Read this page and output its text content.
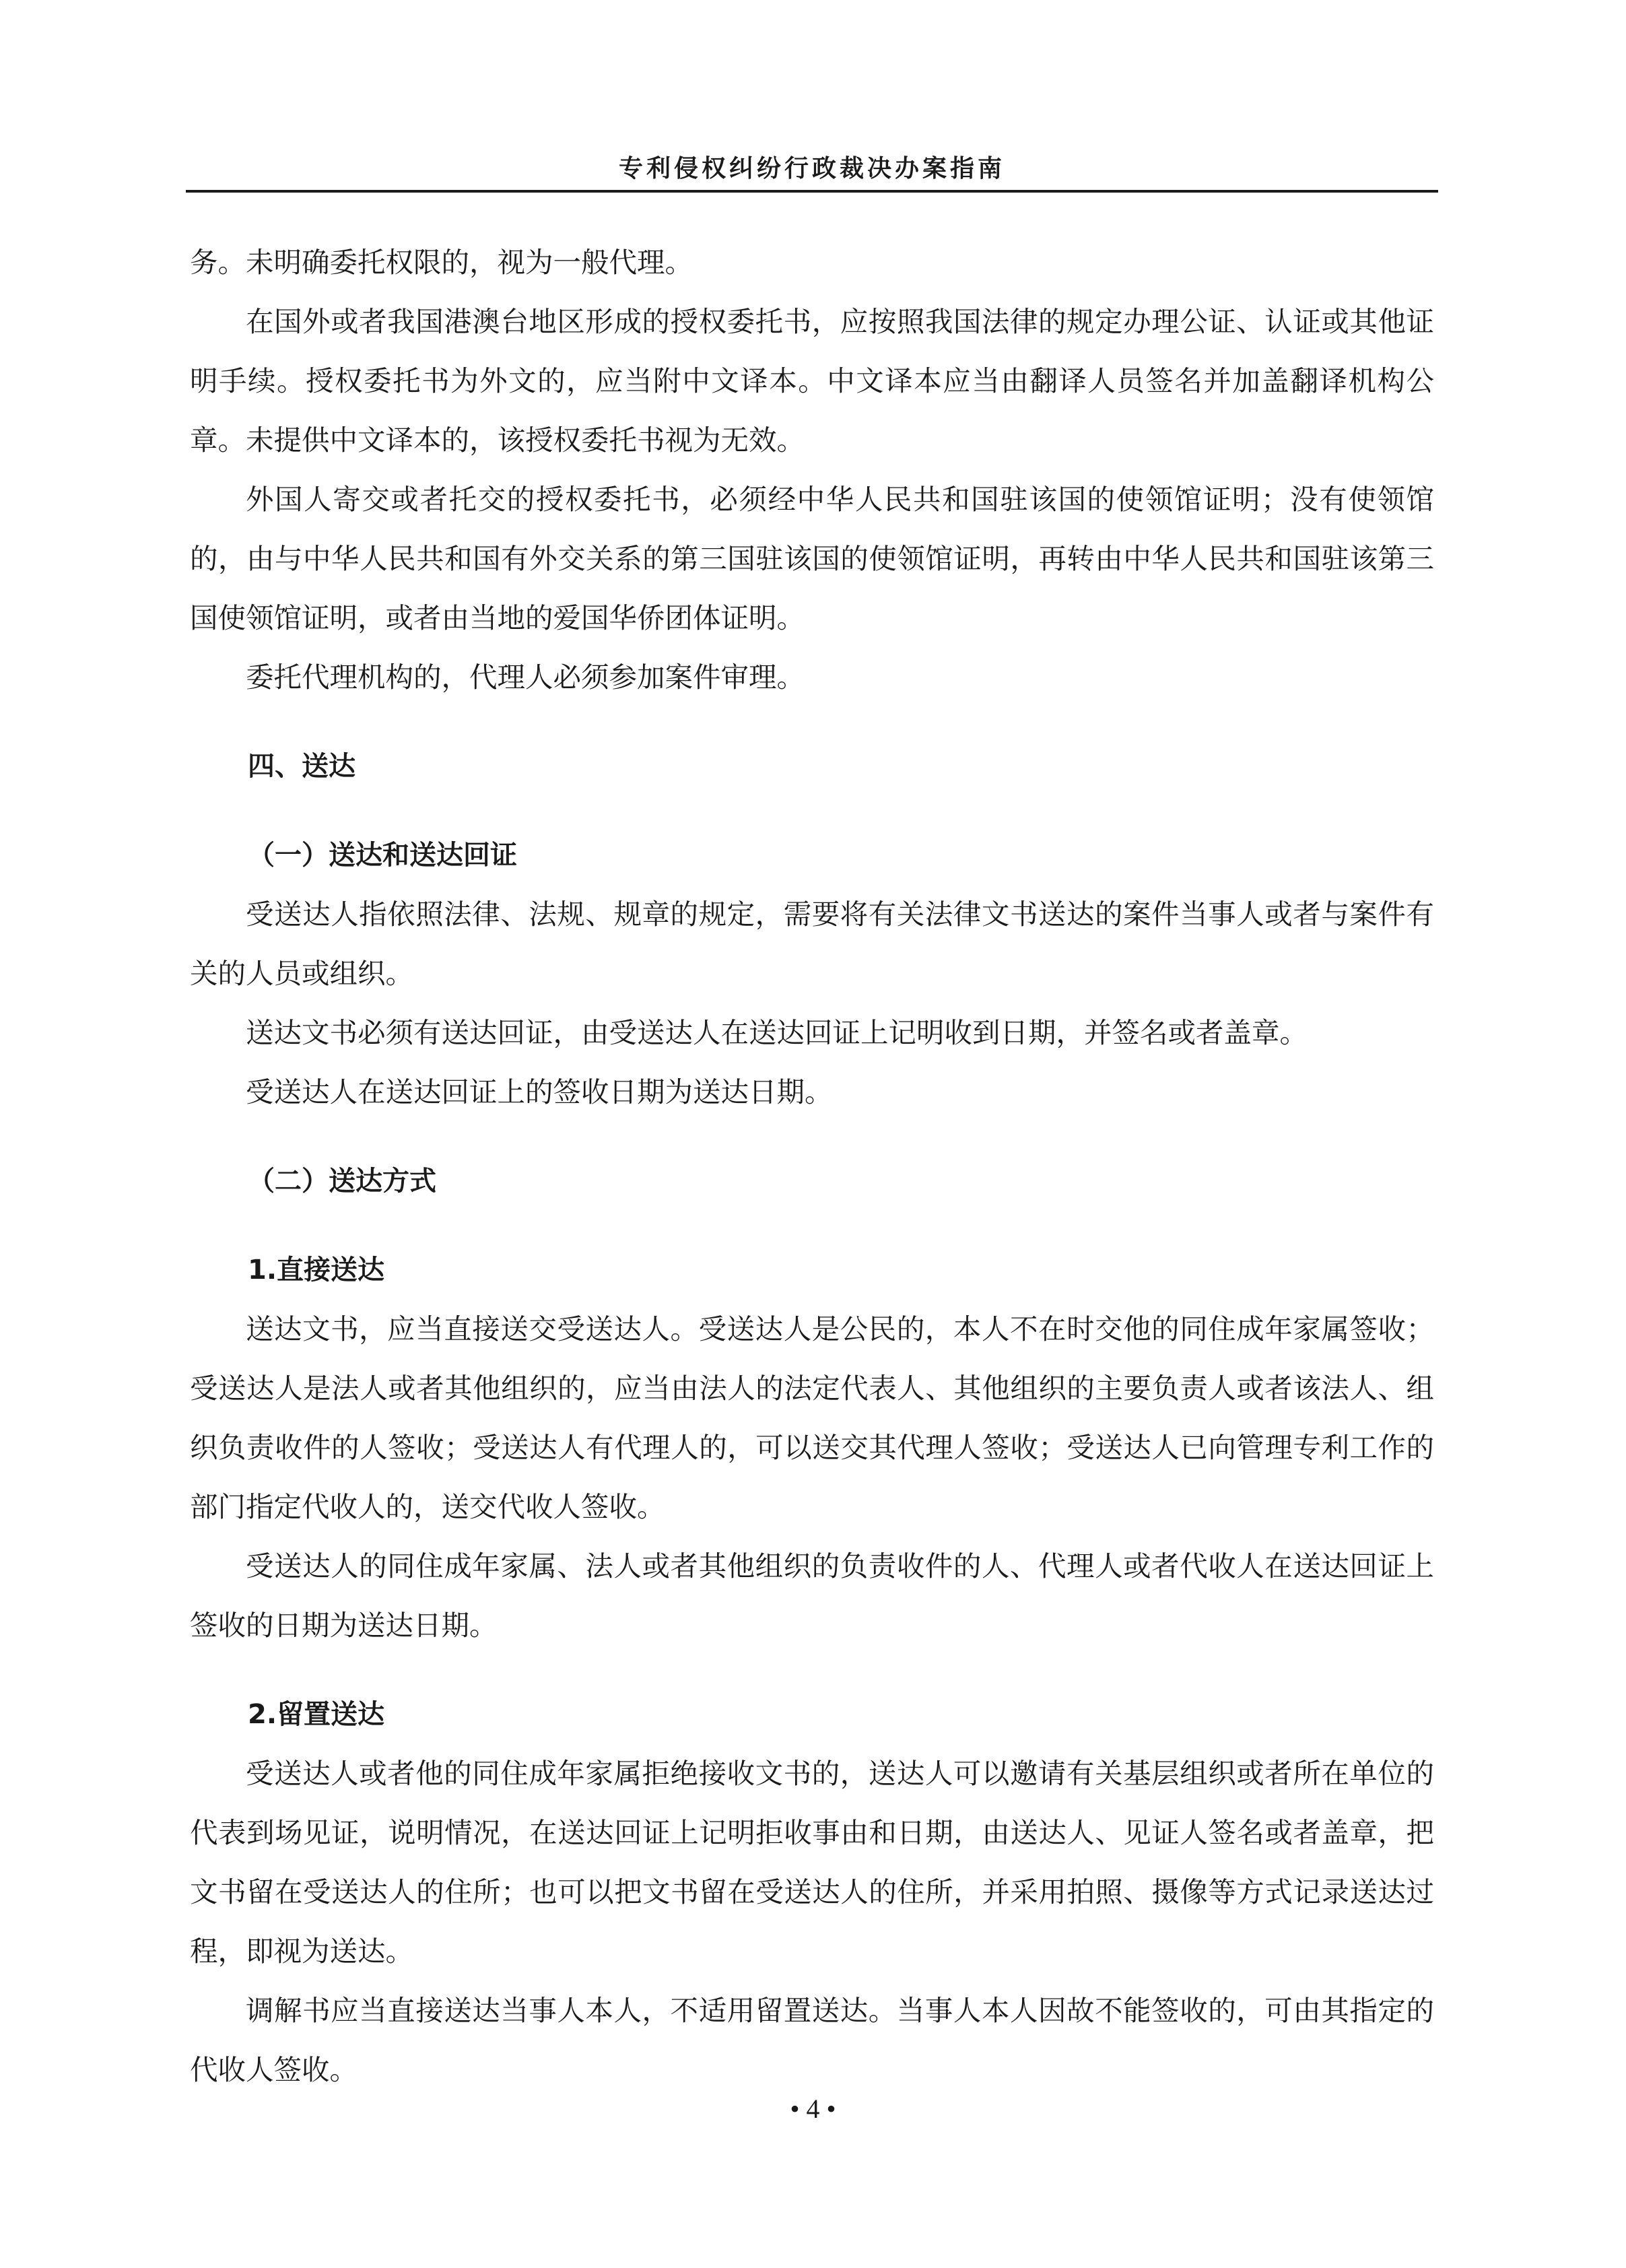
专利侵权纠纷行政裁决办案指南

务。未明确委托权限的，视为一般代理。

在国外或者我国港澳台地区形成的授权委托书，应按照我国法律的规定办理公证、认证或其他证明手续。授权委托书为外文的，应当附中文译本。中文译本应当由翻译人员签名并加盖翻译机构公章。未提供中文译本的，该授权委托书视为无效。

外国人寄交或者托交的授权委托书，必须经中华人民共和国驻该国的使领馆证明；没有使领馆的，由与中华人民共和国有外交关系的第三国驻该国的使领馆证明，再转由中华人民共和国驻该第三国使领馆证明，或者由当地的爱国华侨团体证明。

委托代理机构的，代理人必须参加案件审理。

四、送达
（一）送达和送达回证

受送达人指依照法律、法规、规章的规定，需要将有关法律文书送达的案件当事人或者与案件有关的人员或组织。

送达文书必须有送达回证，由受送达人在送达回证上记明收到日期，并签名或者盖章。

受送达人在送达回证上的签收日期为送达日期。

（二）送达方式
1.直接送达

送达文书，应当直接送交受送达人。受送达人是公民的，本人不在时交他的同住成年家属签收；受送达人是法人或者其他组织的，应当由法人的法定代表人、其他组织的主要负责人或者该法人、组织负责收件的人签收；受送达人有代理人的，可以送交其代理人签收；受送达人已向管理专利工作的部门指定代收人的，送交代收人签收。

受送达人的同住成年家属、法人或者其他组织的负责收件的人、代理人或者代收人在送达回证上签收的日期为送达日期。

2.留置送达

受送达人或者他的同住成年家属拒绝接收文书的，送达人可以邀请有关基层组织或者所在单位的代表到场见证，说明情况，在送达回证上记明拒收事由和日期，由送达人、见证人签名或者盖章，把文书留在受送达人的住所；也可以把文书留在受送达人的住所，并采用拍照、摄像等方式记录送达过程，即视为送达。

调解书应当直接送达当事人本人，不适用留置送达。当事人本人因故不能签收的，可由其指定的代收人签收。

• 4 •
